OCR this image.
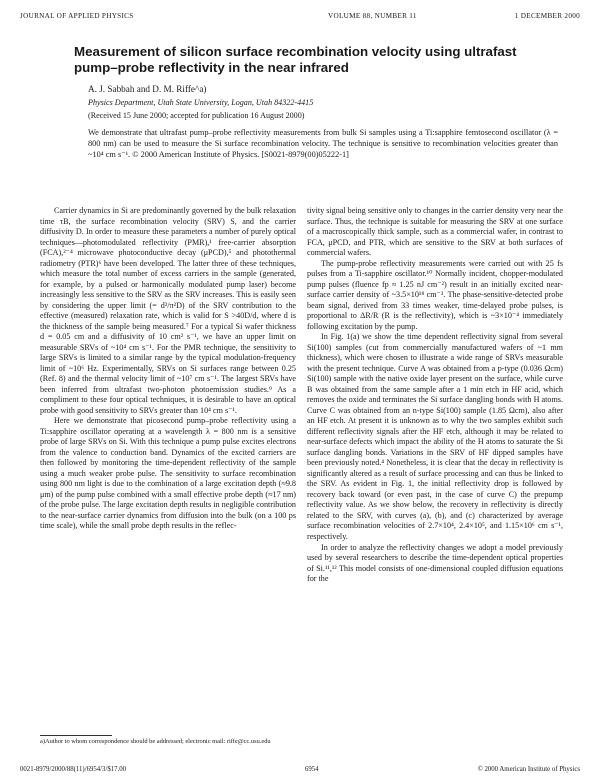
JOURNAL OF APPLIED PHYSICS	VOLUME 88, NUMBER 11	1 DECEMBER 2000
Measurement of silicon surface recombination velocity using ultrafast pump–probe reflectivity in the near infrared

A. J. Sabbah and D. M. Riffe^a)

Physics Department, Utah State University, Logan, Utah 84322-4415

(Received 15 June 2000; accepted for publication 16 August 2000)

We demonstrate that ultrafast pump–probe reflectivity measurements from bulk Si samples using a Ti:sapphire femtosecond oscillator (λ = 800 nm) can be used to measure the Si surface recombination velocity. The technique is sensitive to recombination velocities greater than ~10⁴ cm s⁻¹. © 2000 American Institute of Physics. [S0021-8979(00)05222-1]

Carrier dynamics in Si are predominantly governed by the bulk relaxation time τB, the surface recombination velocity (SRV) S, and the carrier diffusivity D. In order to measure these parameters a number of purely optical techniques—photomodulated reflectivity (PMR),¹ free-carrier absorption (FCA),²⁻⁴ microwave photoconductive decay (μPCD),⁵ and photothermal radiometry (PTR)⁶ have been developed. The latter three of these techniques, which measure the total number of excess carriers in the sample (generated, for example, by a pulsed or harmonically modulated pump laser) become increasingly less sensitive to the SRV as the SRV increases. This is easily seen by considering the upper limit (= d²/π²D) of the SRV contribution to the effective (measured) relaxation rate, which is valid for S >40D/d, where d is the thickness of the sample being measured.⁷ For a typical Si wafer thickness d = 0.05 cm and a diffusivity of 10 cm² s⁻¹, we have an upper limit on measurable SRVs of ~10⁴ cm s⁻¹. For the PMR technique, the sensitivity to large SRVs is limited to a similar range by the typical modulation-frequency limit of ~10⁶ Hz. Experimentally, SRVs on Si surfaces range between 0.25 (Ref. 8) and the thermal velocity limit of ~10⁷ cm s⁻¹. The largest SRVs have been inferred from ultrafast two-photon photoemission studies.⁹ As a compliment to these four optical techniques, it is desirable to have an optical probe with good sensitivity to SRVs greater than 10⁴ cm s⁻¹.

Here we demonstrate that picosecond pump–probe reflectivity using a Ti:sapphire oscillator operating at a wavelength λ = 800 nm is a sensitive probe of large SRVs on Si. With this technique a pump pulse excites electrons from the valence to conduction band. Dynamics of the excited carriers are then followed by monitoring the time-dependent reflectivity of the sample using a much weaker probe pulse. The sensitivity to surface recombination using 800 nm light is due to the combination of a large excitation depth (≈9.8 μm) of the pump pulse combined with a small effective probe depth (≈17 nm) of the probe pulse. The large excitation depth results in negligible contribution to the near-surface carrier dynamics from diffusion into the bulk (on a 100 ps time scale), while the small probe depth results in the reflec-

tivity signal being sensitive only to changes in the carrier density very near the surface. Thus, the technique is suitable for measuring the SRV at one surface of a macroscopically thick sample, such as a commercial wafer, in contrast to FCA, μPCD, and PTR, which are sensitive to the SRV at both surfaces of commercial wafers.

The pump-probe reflectivity measurements were carried out with 25 fs pulses from a Ti-sapphire oscillator.¹⁰ Normally incident, chopper-modulated pump pulses (fluence fp ≈ 1.25 nJ cm⁻²) result in an initially excited near-surface carrier density of ~3.5×10¹⁸ cm⁻³. The phase-sensitive-detected probe beam signal, derived from 33 times weaker, time-delayed probe pulses, is proportional to ΔR/R (R is the reflectivity), which is ~3×10⁻⁴ immediately following excitation by the pump.

In Fig. 1(a) we show the time dependent reflectivity signal from several Si(100) samples (cut from commercially manufactured wafers of ~1 mm thickness), which were chosen to illustrate a wide range of SRVs measurable with the present technique. Curve A was obtained from a p-type (0.036 Ωcm) Si(100) sample with the native oxide layer present on the surface, while curve B was obtained from the same sample after a 1 min etch in HF acid, which removes the oxide and terminates the Si surface dangling bonds with H atoms. Curve C was obtained from an n-type Si(100) sample (1.85 Ωcm), also after an HF etch. At present it is unknown as to why the two samples exhibit such different reflectivity signals after the HF etch, although it may be related to near-surface defects which impact the ability of the H atoms to saturate the Si surface dangling bonds. Variations in the SRV of HF dipped samples have been previously noted.⁴ Nonetheless, it is clear that the decay in reflectivity is significantly altered as a result of surface processing and can thus be linked to the SRV. As evident in Fig. 1, the initial reflectivity drop is followed by recovery back toward (or even past, in the case of curve C) the prepump reflectivity value. As we show below, the recovery in reflectivity is directly related to the SRV, with curves (a), (b), and (c) characterized by average surface recombination velocities of 2.7×10⁴, 2.4×10⁵, and 1.15×10⁶ cm s⁻¹, respectively.

In order to analyze the reflectivity changes we adopt a model previously used by several researchers to describe the time-dependent optical properties of Si.¹¹,¹² This model consists of one-dimensional coupled diffusion equations for the

a)Author to whom correspondence should be addressed; electronic mail: riffe@cc.usu.edu

0021-8979/2000/88(11)/6954/3/$17.00	6954	© 2000 American Institute of Physics
